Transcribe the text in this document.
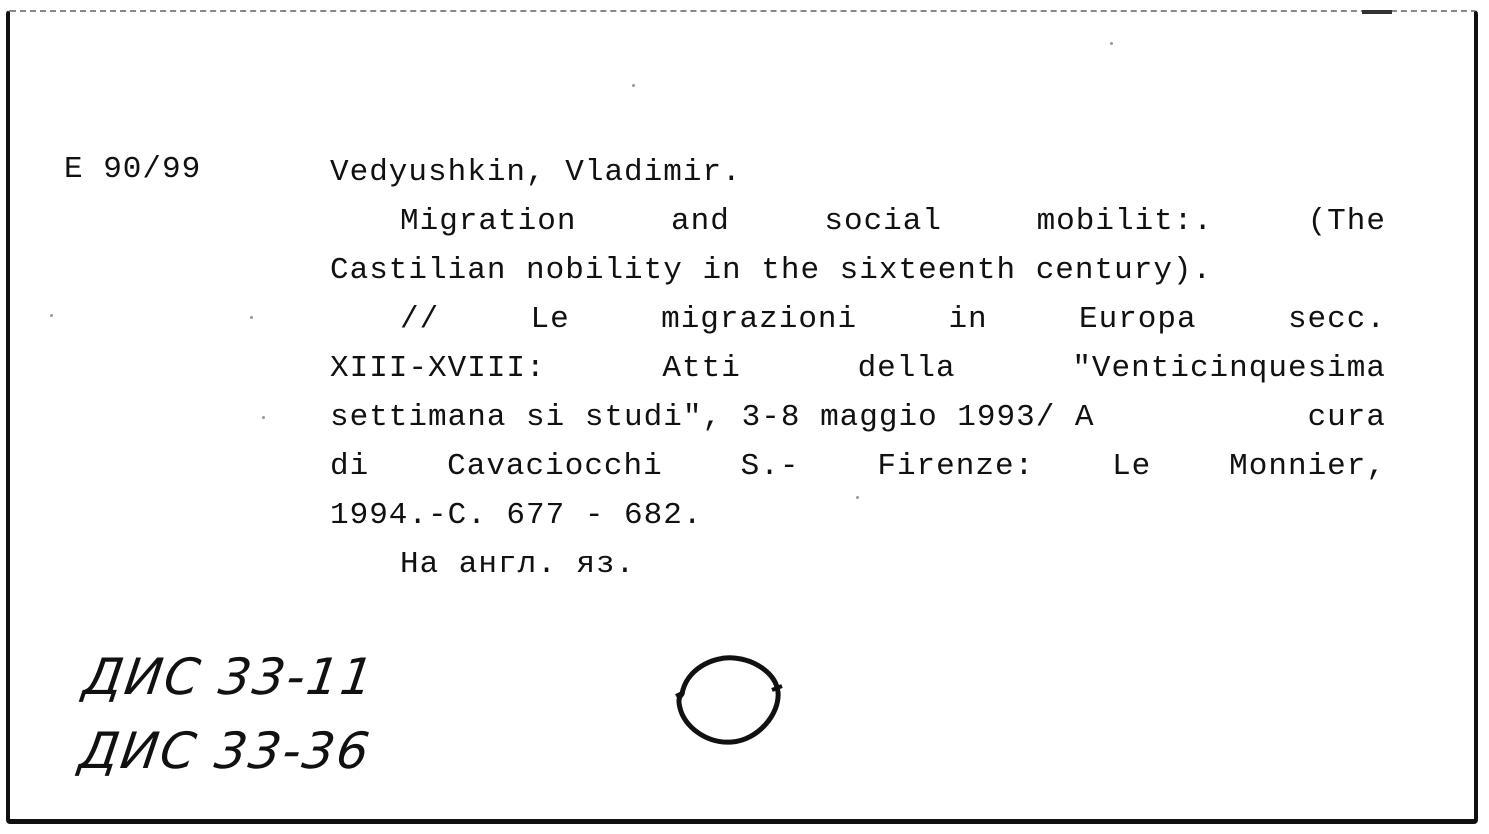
E 90/99	Vedyushkin, Vladimir.
Migration	and	social	mobilit:.	(The
Castilian nobility in the sixteenth century).
//	Le	migrazioni	in	Europa	secc.
XIII-XVIII:	Atti	della	"Venticinquesima
settimana si studi", 3-8 maggio 1993/ A	cura
di	Cavaciocchi	S.-	Firenze:	Le	Monnier,
1994.-C. 677 - 682.
На англ. яз.
ДИС 33-11
ДИС 33-36
